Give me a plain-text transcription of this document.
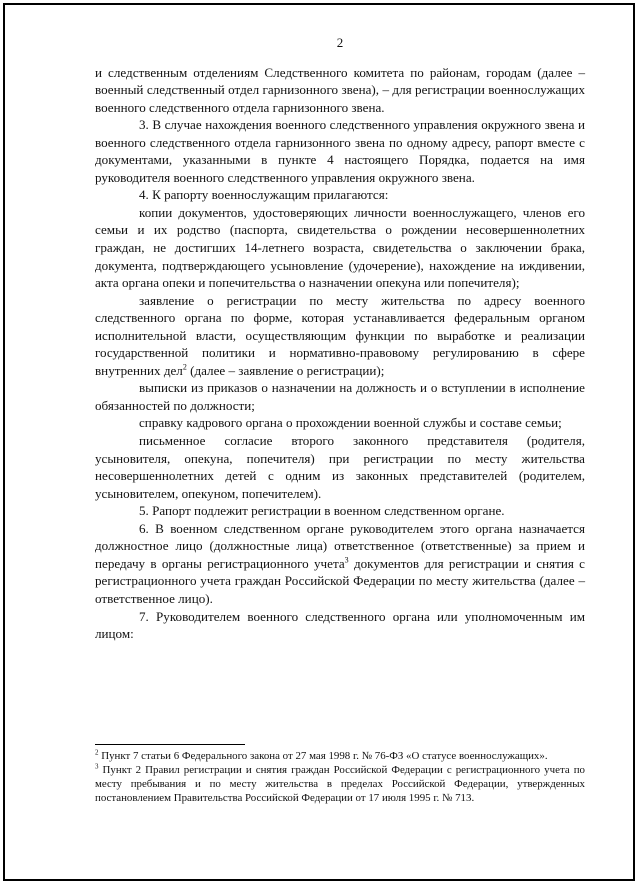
2

и следственным отделениям Следственного комитета по районам, городам (далее – военный следственный отдел гарнизонного звена), – для регистрации военнослужащих военного следственного отдела гарнизонного звена.

3. В случае нахождения военного следственного управления окружного звена и военного следственного отдела гарнизонного звена по одному адресу, рапорт вместе с документами, указанными в пункте 4 настоящего Порядка, подается на имя руководителя военного следственного управления окружного звена.

4. К рапорту военнослужащим прилагаются:

копии документов, удостоверяющих личности военнослужащего, членов его семьи и их родство (паспорта, свидетельства о рождении несовершеннолетних граждан, не достигших 14-летнего возраста, свидетельства о заключении брака, документа, подтверждающего усыновление (удочерение), нахождение на иждивении, акта органа опеки и попечительства о назначении опекуна или попечителя);

заявление о регистрации по месту жительства по адресу военного следственного органа по форме, которая устанавливается федеральным органом исполнительной власти, осуществляющим функции по выработке и реализации государственной политики и нормативно-правовому регулированию в сфере внутренних дел$^2$ (далее – заявление о регистрации);

выписки из приказов о назначении на должность и о вступлении в исполнение обязанностей по должности;

справку кадрового органа о прохождении военной службы и составе семьи;

письменное согласие второго законного представителя (родителя, усыновителя, опекуна, попечителя) при регистрации по месту жительства несовершеннолетних детей с одним из законных представителей (родителем, усыновителем, опекуном, попечителем).

5. Рапорт подлежит регистрации в военном следственном органе.

6. В военном следственном органе руководителем этого органа назначается должностное лицо (должностные лица) ответственное (ответственные) за прием и передачу в органы регистрационного учета$^3$ документов для регистрации и снятия с регистрационного учета граждан Российской Федерации по месту жительства (далее – ответственное лицо).

7. Руководителем военного следственного органа или уполномоченным им лицом:

$^2$ Пункт 7 статьи 6 Федерального закона от 27 мая 1998 г. № 76-ФЗ «О статусе военнослужащих».

$^3$ Пункт 2 Правил регистрации и снятия граждан Российской Федерации с регистрационного учета по месту пребывания и по месту жительства в пределах Российской Федерации, утвержденных постановлением Правительства Российской Федерации от 17 июля 1995 г. № 713.
